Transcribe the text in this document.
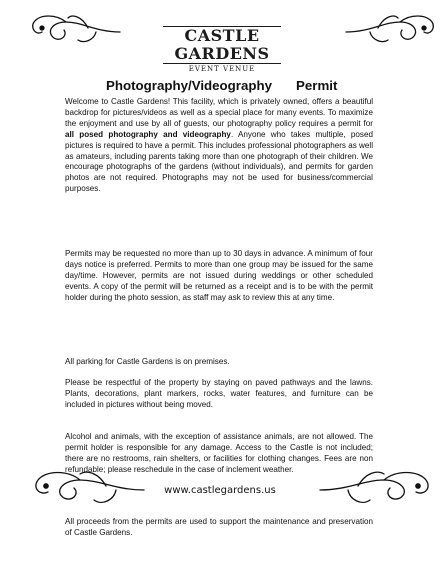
CASTLE GARDENS
EVENT VENUE
Photography/Videography Permit

Welcome to Castle Gardens! This facility, which is privately owned, offers a beautiful backdrop for pictures/videos as well as a special place for many events. To maximize the enjoyment and use by all of guests, our photography policy requires a permit for all posed photography and videography. Anyone who takes multiple, posed pictures is required to have a permit. This includes professional photographers as well as amateurs, including parents taking more than one photograph of their children. We encourage photographs of the gardens (without individuals), and permits for garden photos are not required. Photographs may not be used for business/commercial purposes.

Permits may be requested no more than up to 30 days in advance. A minimum of four days notice is preferred. Permits to more than one group may be issued for the same day/time. However, permits are not issued during weddings or other scheduled events. A copy of the permit will be returned as a receipt and is to be with the permit holder during the photo session, as staff may ask to review this at any time.

All parking for Castle Gardens is on premises.

Please be respectful of the property by staying on paved pathways and the lawns. Plants, decorations, plant markers, rocks, water features, and furniture can be included in pictures without being moved.

Alcohol and animals, with the exception of assistance animals, are not allowed. The permit holder is responsible for any damage. Access to the Castle is not included; there are no restrooms, rain shelters, or facilities for clothing changes. Fees are non refundable; please reschedule in the case of inclement weather.

All proceeds from the permits are used to support the maintenance and preservation of Castle Gardens.

www.castlegardens.us
